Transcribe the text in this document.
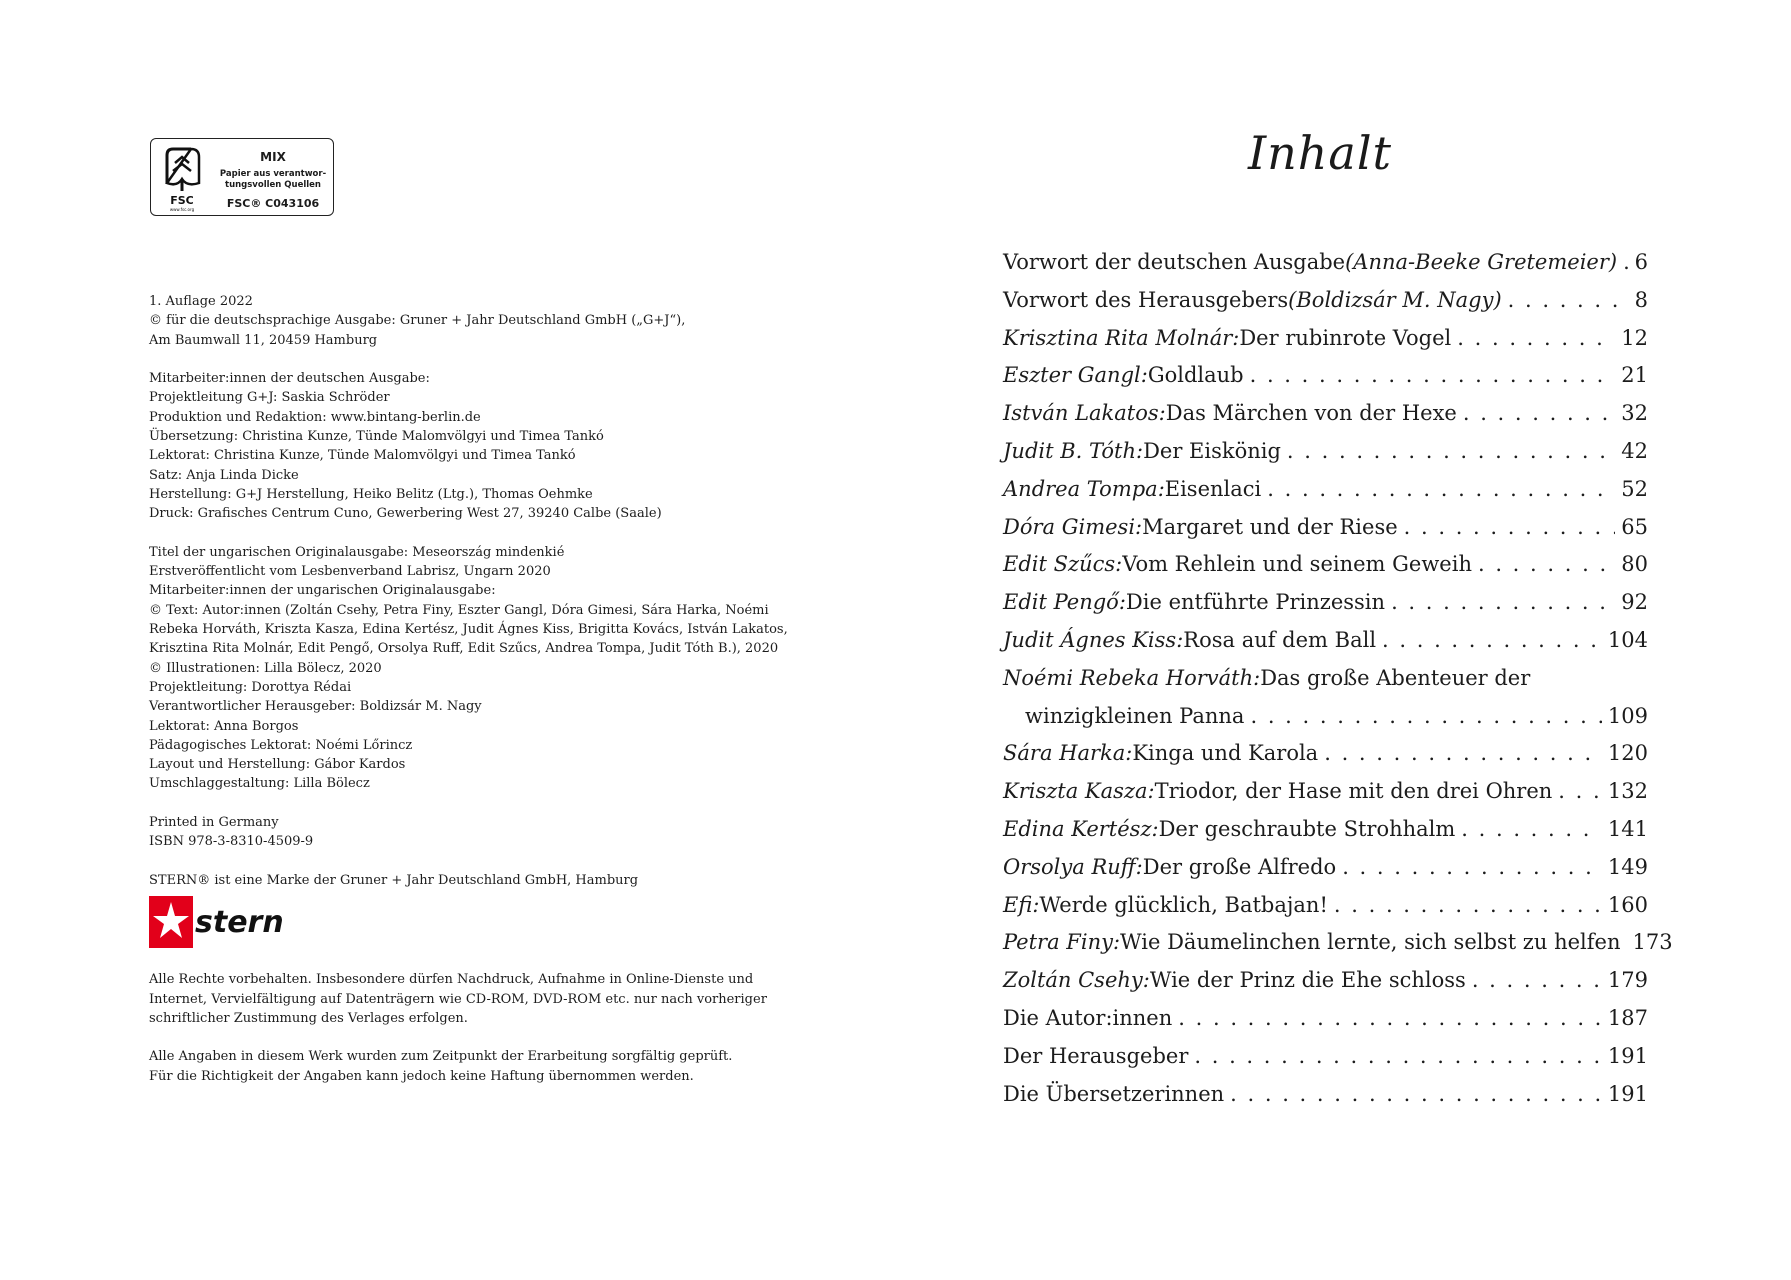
FSC
www.fsc.org
MIX
Papier aus verantwor-
tungsvollen Quellen
FSC® C043106
1. Auflage 2022
© für die deutschsprachige Ausgabe: Gruner + Jahr Deutschland GmbH („G+J“),
Am Baumwall 11, 20459 Hamburg
Mitarbeiter:innen der deutschen Ausgabe:
Projektleitung G+J: Saskia Schröder
Produktion und Redaktion: www.bintang-berlin.de
Übersetzung: Christina Kunze, Tünde Malomvölgyi und Timea Tankó
Lektorat: Christina Kunze, Tünde Malomvölgyi und Timea Tankó
Satz: Anja Linda Dicke
Herstellung: G+J Herstellung, Heiko Belitz (Ltg.), Thomas Oehmke
Druck: Grafisches Centrum Cuno, Gewerbering West 27, 39240 Calbe (Saale)
Titel der ungarischen Originalausgabe: Meseország mindenkié
Erstveröffentlicht vom Lesbenverband Labrisz, Ungarn 2020
Mitarbeiter:innen der ungarischen Originalausgabe:
© Text: Autor:innen (Zoltán Csehy, Petra Finy, Eszter Gangl, Dóra Gimesi, Sára Harka, Noémi
Rebeka Horváth, Kriszta Kasza, Edina Kertész, Judit Ágnes Kiss, Brigitta Kovács, István Lakatos,
Krisztina Rita Molnár, Edit Pengő, Orsolya Ruff, Edit Szűcs, Andrea Tompa, Judit Tóth B.), 2020
© Illustrationen: Lilla Bölecz, 2020
Projektleitung: Dorottya Rédai
Verantwortlicher Herausgeber: Boldizsár M. Nagy
Lektorat: Anna Borgos
Pädagogisches Lektorat: Noémi Lőrincz
Layout und Herstellung: Gábor Kardos
Umschlaggestaltung: Lilla Bölecz
Printed in Germany
ISBN 978-3-8310-4509-9
STERN® ist eine Marke der Gruner + Jahr Deutschland GmbH, Hamburg
stern
Alle Rechte vorbehalten. Insbesondere dürfen Nachdruck, Aufnahme in Online-Dienste und
Internet, Vervielfältigung auf Datenträgern wie CD-ROM, DVD-ROM etc. nur nach vorheriger
schriftlicher Zustimmung des Verlages erfolgen.
Alle Angaben in diesem Werk wurden zum Zeitpunkt der Erarbeitung sorgfältig geprüft.
Für die Richtigkeit der Angaben kann jedoch keine Haftung übernommen werden.
Inhalt
Vorwort der deutschen Ausgabe (Anna-Beeke Gretemeier) . . . 6
Vorwort des Herausgebers (Boldizsár M. Nagy) . . .	8
Krisztina Rita Molnár: Der rubinrote Vogel . . .	12
Eszter Gangl: Goldlaub . . .	21
István Lakatos: Das Märchen von der Hexe . . .	32
Judit B. Tóth: Der Eiskönig . . .	42
Andrea Tompa: Eisenlaci . . .	52
Dóra Gimesi: Margaret und der Riese . . .	65
Edit Szűcs: Vom Rehlein und seinem Geweih . . .	80
Edit Pengő: Die entführte Prinzessin . . .	92
Judit Ágnes Kiss: Rosa auf dem Ball . . .	104
Noémi Rebeka Horváth: Das große Abenteuer der
winzigkleinen Panna . . .	109
Sára Harka: Kinga und Karola . . .	120
Kriszta Kasza: Triodor, der Hase mit den drei Ohren . . .	132
Edina Kertész: Der geschraubte Strohhalm . . .	141
Orsolya Ruff: Der große Alfredo . . .	149
Efi: Werde glücklich, Batbajan! . . .	160
Petra Finy: Wie Däumelinchen lernte, sich selbst zu helfen 173
Zoltán Csehy: Wie der Prinz die Ehe schloss . . .	179
Die Autor:innen . . .	187
Der Herausgeber . . .	191
Die Übersetzerinnen . . .	191
